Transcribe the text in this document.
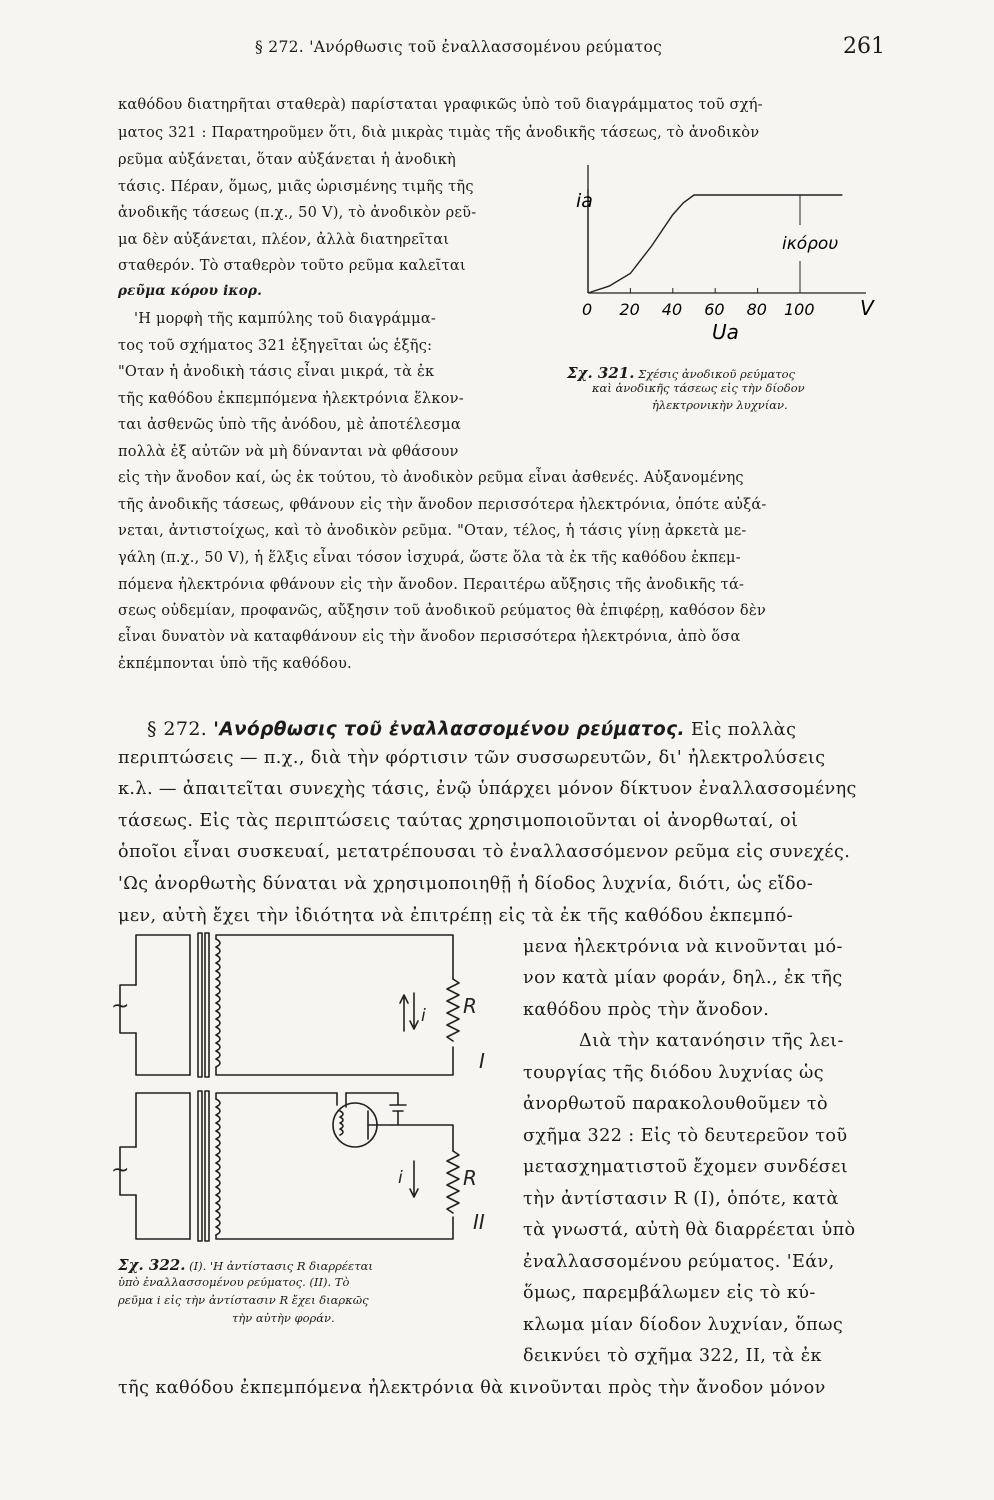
§ 272. 'Ανόρθωσις τοῦ ἐναλλασσομένου ρεύματος	261
καθόδου διατηρῆται σταθερὰ) παρίσταται γραφικῶς ὑπὸ τοῦ διαγράμματος τοῦ σχή-
ματος 321 : Παρατηροῦμεν ὅτι, διὰ μικρὰς τιμὰς τῆς ἀνοδικῆς τάσεως, τὸ ἀνοδικὸν
ρεῦμα αὐξάνεται, ὅταν αὐξάνεται ἡ ἀνοδικὴ
τάσις. Πέραν, ὅμως, μιᾶς ὡρισμένης τιμῆς τῆς
ἀνοδικῆς τάσεως (π.χ., 50 V), τὸ ἀνοδικὸν ρεῦ-
μα δὲν αὐξάνεται, πλέον, ἀλλὰ διατηρεῖται
σταθερόν. Τὸ σταθερὸν τοῦτο ρεῦμα καλεῖται
ρεῦμα κόρου iκορ.
'Η μορφὴ τῆς καμπύλης τοῦ διαγράμμα-
τος τοῦ σχήματος 321 ἐξηγεῖται ὡς ἑξῆς:
"Οταν ἡ ἀνοδικὴ τάσις εἶναι μικρά, τὰ ἐκ
τῆς καθόδου ἐκπεμπόμενα ἠλεκτρόνια ἕλκον-
ται ἀσθενῶς ὑπὸ τῆς ἀνόδου, μὲ ἀποτέλεσμα
πολλὰ ἐξ αὐτῶν νὰ μὴ δύνανται νὰ φθάσουν
εἰς τὴν ἄνοδον καί, ὡς ἐκ τούτου, τὸ ἀνοδικὸν ρεῦμα εἶναι ἀσθενές. Αὐξανομένης
τῆς ἀνοδικῆς τάσεως, φθάνουν εἰς τὴν ἄνοδον περισσότερα ἠλεκτρόνια, ὁπότε αὐξά-
νεται, ἀντιστοίχως, καὶ τὸ ἀνοδικὸν ρεῦμα. "Οταν, τέλος, ἡ τάσις γίνῃ ἀρκετὰ με-
γάλη (π.χ., 50 V), ἡ ἕλξις εἶναι τόσον ἰσχυρά, ὥστε ὅλα τὰ ἐκ τῆς καθόδου ἐκπεμ-
πόμενα ἠλεκτρόνια φθάνουν εἰς τὴν ἄνοδον. Περαιτέρω αὔξησις τῆς ἀνοδικῆς τά-
σεως οὐδεμίαν, προφανῶς, αὔξησιν τοῦ ἀνοδικοῦ ρεύματος θὰ ἐπιφέρῃ, καθόσον δὲν
εἶναι δυνατὸν νὰ καταφθάνουν εἰς τὴν ἄνοδον περισσότερα ἠλεκτρόνια, ἀπὸ ὅσα
ἐκπέμπονται ὑπὸ τῆς καθόδου.
ia
iκόρου
0 20 40 60 80 100 V
Ua
Σχ. 321. Σχέσις ἀνοδικοῦ ρεύματος
καὶ ἀνοδικῆς τάσεως εἰς τὴν δίοδον
ἠλεκτρονικὴν λυχνίαν.
§ 272. 'Ανόρθωσις τοῦ ἐναλλασσομένου ρεύματος. Εἰς πολλὰς
περιπτώσεις — π.χ., διὰ τὴν φόρτισιν τῶν συσσωρευτῶν, δι' ἠλεκτρολύσεις
κ.λ. — ἀπαιτεῖται συνεχὴς τάσις, ἐνῷ ὑπάρχει μόνον δίκτυον ἐναλλασσομένης
τάσεως. Εἰς τὰς περιπτώσεις ταύτας χρησιμοποιοῦνται οἱ ἀνορθωταί, οἱ
ὁποῖοι εἶναι συσκευαί, μετατρέπουσαι τὸ ἐναλλασσόμενον ρεῦμα εἰς συνεχές.
'Ως ἀνορθωτὴς δύναται νὰ χρησιμοποιηθῇ ἡ δίοδος λυχνία, διότι, ὡς εἴδο-
μεν, αὐτὴ ἔχει τὴν ἰδιότητα νὰ ἐπιτρέπῃ εἰς τὰ ἐκ τῆς καθόδου ἐκπεμπό-
μενα ἠλεκτρόνια νὰ κινοῦνται μό-
νον κατὰ μίαν φοράν, δηλ., ἐκ τῆς
καθόδου πρὸς τὴν ἄνοδον.
Διὰ τὴν κατανόησιν τῆς λει-
τουργίας τῆς διόδου λυχνίας ὡς
ἀνορθωτοῦ παρακολουθοῦμεν τὸ
σχῆμα 322 : Εἰς τὸ δευτερεῦον τοῦ
μετασχηματιστοῦ ἔχομεν συνδέσει
τὴν ἀντίστασιν R (I), ὁπότε, κατὰ
τὰ γνωστά, αὐτὴ θὰ διαρρέεται ὑπὸ
ἐναλλασσομένου ρεύματος. 'Εάν,
ὅμως, παρεμβάλωμεν εἰς τὸ κύ-
κλωμα μίαν δίοδον λυχνίαν, ὅπως
δεικνύει τὸ σχῆμα 322, II, τὰ ἐκ
τῆς καθόδου ἐκπεμπόμενα ἠλεκτρόνια θὰ κινοῦνται πρὸς τὴν ἄνοδον μόνον
~
~
i R
I
i	R
II
Σχ. 322. (I). 'Η ἀντίστασις R διαρρέεται
ὑπὸ ἐναλλασσομένου ρεύματος. (II). Τὸ
ρεῦμα i εἰς τὴν ἀντίστασιν R ἔχει διαρκῶς
τὴν αὐτὴν φοράν.
